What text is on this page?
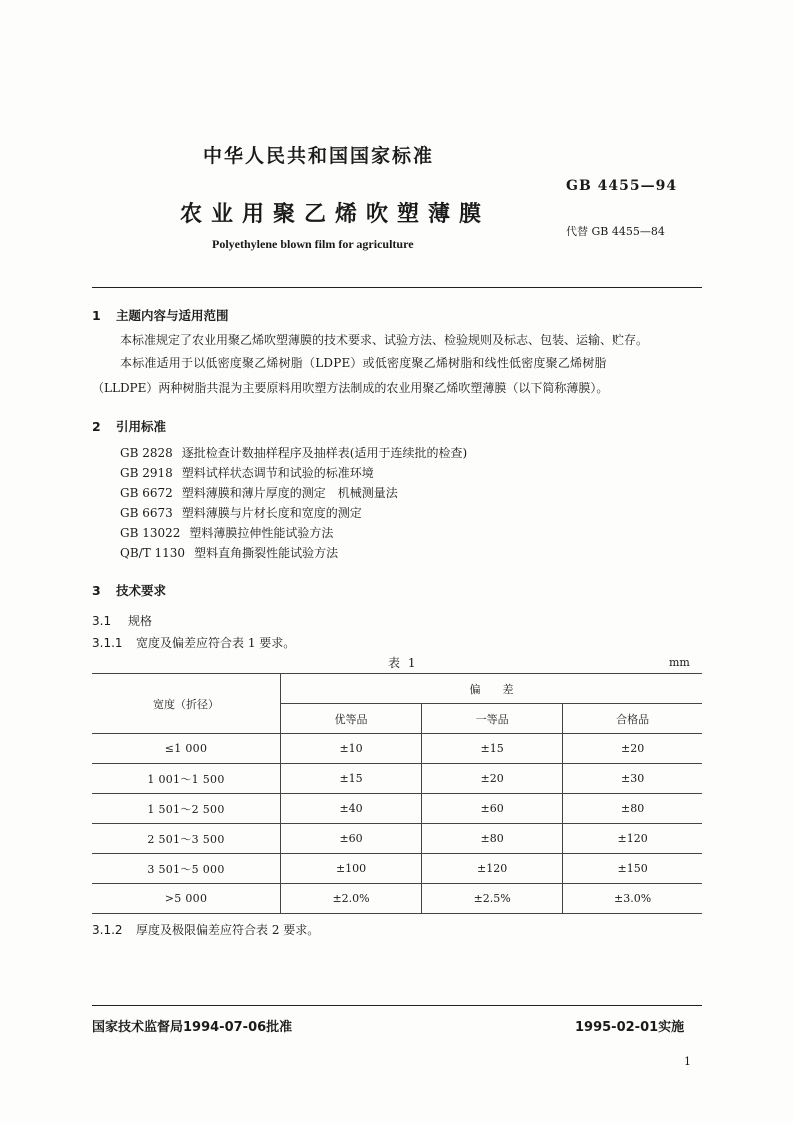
中华人民共和国国家标准
GB 4455—94
农业用聚乙烯吹塑薄膜
代替 GB 4455—84
Polyethylene blown film for agriculture
1 主题内容与适用范围
本标准规定了农业用聚乙烯吹塑薄膜的技术要求、试验方法、检验规则及标志、包装、运输、贮存。
本标准适用于以低密度聚乙烯树脂（LDPE）或低密度聚乙烯树脂和线性低密度聚乙烯树脂
（LLDPE）两种树脂共混为主要原料用吹塑方法制成的农业用聚乙烯吹塑薄膜（以下简称薄膜）。
2 引用标准
GB 2828 逐批检查计数抽样程序及抽样表(适用于连续批的检查)
GB 2918 塑料试样状态调节和试验的标准环境
GB 6672 塑料薄膜和薄片厚度的测定　机械测量法
GB 6673 塑料薄膜与片材长度和宽度的测定
GB 13022 塑料薄膜拉伸性能试验方法
QB/T 1130 塑料直角撕裂性能试验方法
3 技术要求
3.1 规格
3.1.1 宽度及偏差应符合表 1 要求。
表 1	mm
宽度（折径）	偏　　差		
	优等品	一等品	合格品
≤1 000	±10	±15	±20
1 001～1 500	±15	±20	±30
1 501～2 500	±40	±60	±80
2 501～3 500	±60	±80	±120
3 501～5 000	±100	±120	±150
>5 000	±2.0%	±2.5%	±3.0%
3.1.2 厚度及极限偏差应符合表 2 要求。
国家技术监督局1994-07-06批准	1995-02-01实施
1
